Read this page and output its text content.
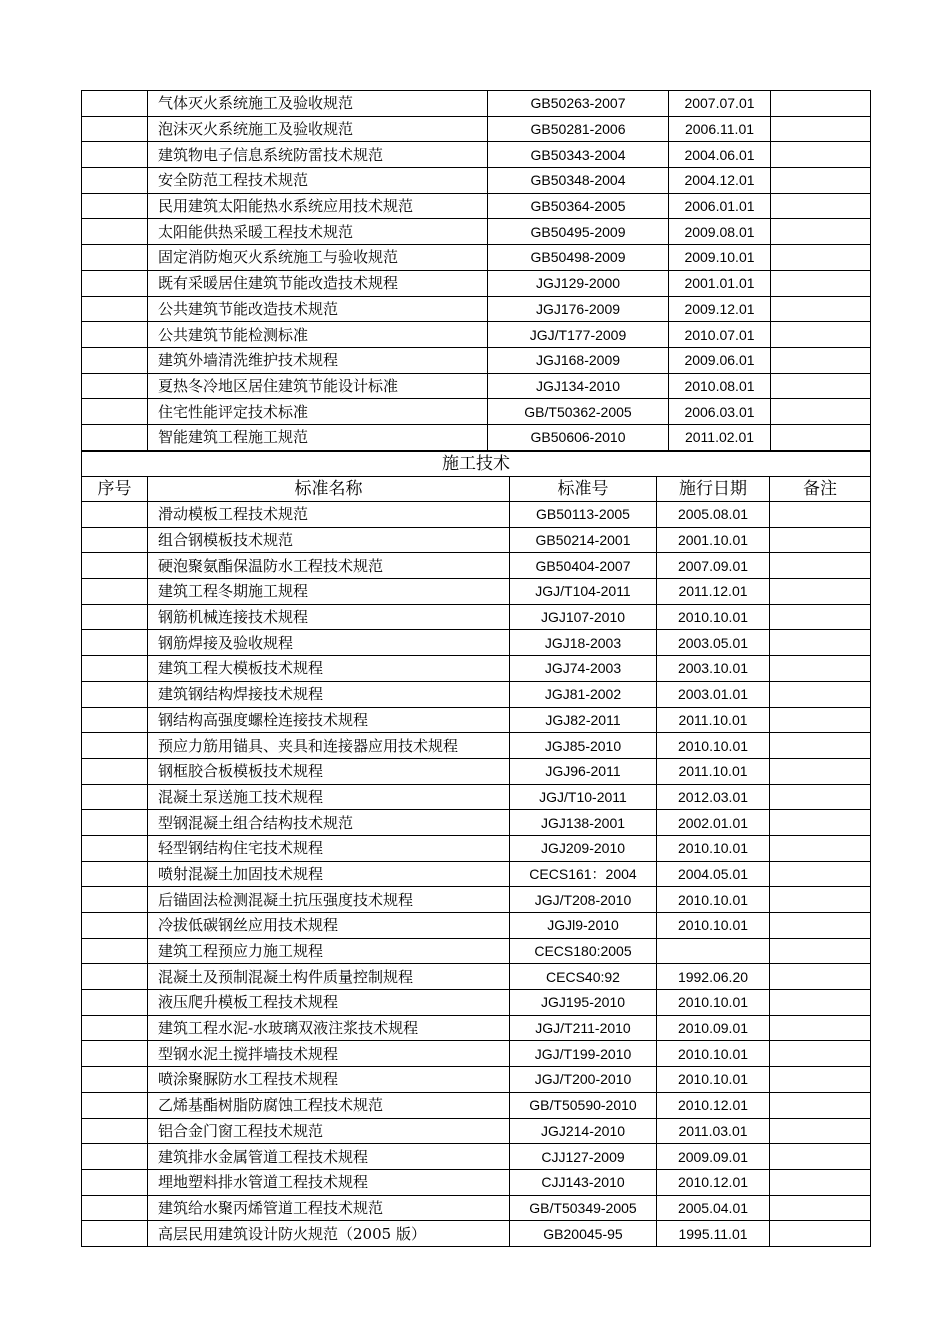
	气体灭火系统施工及验收规范	GB50263-2007	2007.07.01	
	泡沫灭火系统施工及验收规范	GB50281-2006	2006.11.01	
	建筑物电子信息系统防雷技术规范	GB50343-2004	2004.06.01	
	安全防范工程技术规范	GB50348-2004	2004.12.01	
	民用建筑太阳能热水系统应用技术规范	GB50364-2005	2006.01.01	
	太阳能供热采暖工程技术规范	GB50495-2009	2009.08.01	
	固定消防炮灭火系统施工与验收规范	GB50498-2009	2009.10.01	
	既有采暖居住建筑节能改造技术规程	JGJ129-2000	2001.01.01	
	公共建筑节能改造技术规范	JGJ176-2009	2009.12.01	
	公共建筑节能检测标准	JGJ/T177-2009	2010.07.01	
	建筑外墙清洗维护技术规程	JGJ168-2009	2009.06.01	
	夏热冬冷地区居住建筑节能设计标准	JGJ134-2010	2010.08.01	
	住宅性能评定技术标准	GB/T50362-2005	2006.03.01	
	智能建筑工程施工规范	GB50606-2010	2011.02.01	
施工技术				
序号	标准名称	标准号	施行日期	备注
	滑动模板工程技术规范	GB50113-2005	2005.08.01	
	组合钢模板技术规范	GB50214-2001	2001.10.01	
	硬泡聚氨酯保温防水工程技术规范	GB50404-2007	2007.09.01	
	建筑工程冬期施工规程	JGJ/T104-2011	2011.12.01	
	钢筋机械连接技术规程	JGJ107-2010	2010.10.01	
	钢筋焊接及验收规程	JGJ18-2003	2003.05.01	
	建筑工程大模板技术规程	JGJ74-2003	2003.10.01	
	建筑钢结构焊接技术规程	JGJ81-2002	2003.01.01	
	钢结构高强度螺栓连接技术规程	JGJ82-2011	2011.10.01	
	预应力筋用锚具、夹具和连接器应用技术规程	JGJ85-2010	2010.10.01	
	钢框胶合板模板技术规程	JGJ96-2011	2011.10.01	
	混凝土泵送施工技术规程	JGJ/T10-2011	2012.03.01	
	型钢混凝土组合结构技术规范	JGJ138-2001	2002.01.01	
	轻型钢结构住宅技术规程	JGJ209-2010	2010.10.01	
	喷射混凝土加固技术规程	CECS161：2004	2004.05.01	
	后锚固法检测混凝土抗压强度技术规程	JGJ/T208-2010	2010.10.01	
	冷拔低碳钢丝应用技术规程	JGJl9-2010	2010.10.01	
	建筑工程预应力施工规程	CECS180:2005		
	混凝土及预制混凝土构件质量控制规程	CECS40:92	1992.06.20	
	液压爬升模板工程技术规程	JGJ195-2010	2010.10.01	
	建筑工程水泥-水玻璃双液注浆技术规程	JGJ/T211-2010	2010.09.01	
	型钢水泥土搅拌墙技术规程	JGJ/T199-2010	2010.10.01	
	喷涂聚脲防水工程技术规程	JGJ/T200-2010	2010.10.01	
	乙烯基酯树脂防腐蚀工程技术规范	GB/T50590-2010	2010.12.01	
	铝合金门窗工程技术规范	JGJ214-2010	2011.03.01	
	建筑排水金属管道工程技术规程	CJJ127-2009	2009.09.01	
	埋地塑料排水管道工程技术规程	CJJ143-2010	2010.12.01	
	建筑给水聚丙烯管道工程技术规范	GB/T50349-2005	2005.04.01	
	高层民用建筑设计防火规范（2005 版）	GB20045-95	1995.11.01	
